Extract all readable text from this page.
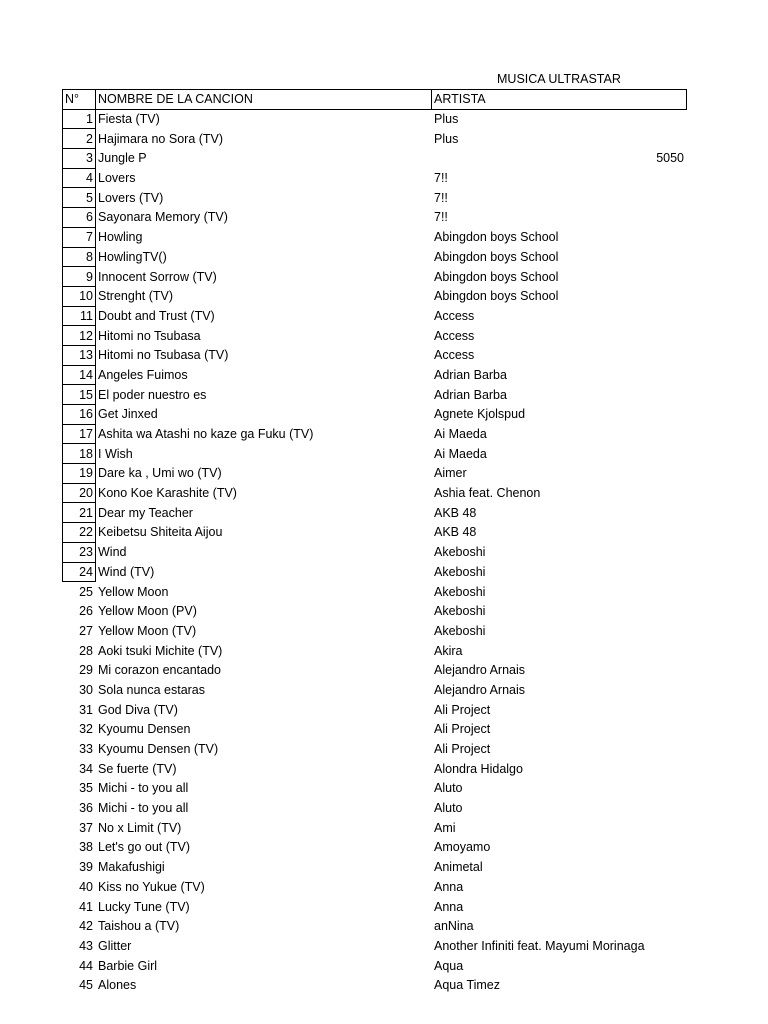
MUSICA ULTRASTAR
N°	NOMBRE DE LA CANCION	ARTISTA
1	Fiesta (TV)	Plus
2	Hajimara no Sora (TV)	Plus
3	Jungle P	5050

4	Lovers	7!!
5	Lovers (TV)	7!!
6	Sayonara Memory (TV)	7!!
7	Howling	Abingdon boys School
8	HowlingTV()	Abingdon boys School
9	Innocent Sorrow (TV)	Abingdon boys School
10	Strenght (TV)	Abingdon boys School
11	Doubt and Trust (TV)	Access
12	Hitomi no Tsubasa	Access
13	Hitomi no Tsubasa (TV)	Access
14	Angeles Fuimos	Adrian Barba
15	El poder nuestro es	Adrian Barba
16	Get Jinxed	Agnete Kjolspud
17	Ashita wa Atashi no kaze ga Fuku (TV)	Ai Maeda
18	I Wish	Ai Maeda
19	Dare ka , Umi wo (TV)	Aimer
20	Kono Koe Karashite (TV)	Ashia feat. Chenon
21	Dear my Teacher	AKB 48
22	Keibetsu Shiteita Aijou	AKB 48
23	Wind	Akeboshi
24	Wind (TV)	Akeboshi
25	Yellow Moon	Akeboshi
26	Yellow Moon (PV)	Akeboshi
27	Yellow Moon (TV)	Akeboshi
28	Aoki tsuki Michite (TV)	Akira
29	Mi corazon encantado	Alejandro Arnais
30	Sola nunca estaras	Alejandro Arnais
31	God Diva (TV)	Ali Project
32	Kyoumu Densen	Ali Project
33	Kyoumu Densen (TV)	Ali Project
34	Se fuerte (TV)	Alondra Hidalgo
35	Michi - to you all	Aluto
36	Michi - to you all	Aluto
37	No x Limit (TV)	Ami
38	Let's go out (TV)	Amoyamo
39	Makafushigi	Animetal
40	Kiss no Yukue (TV)	Anna
41	Lucky Tune (TV)	Anna
42	Taishou a (TV)	anNina
43	Glitter	Another Infiniti feat. Mayumi Morinaga
44	Barbie Girl	Aqua
45	Alones	Aqua Timez
